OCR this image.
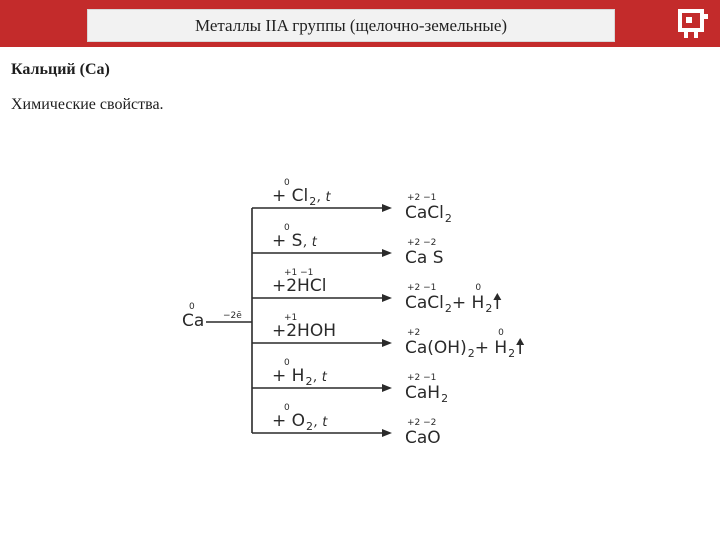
Металлы IIA группы (щелочно-земельные)
Кальций (Ca)
Химические свойства.
0
Ca −2ē
0
+ Cl 2 , t	+2 −1
CaCl 2
0
+ S , t	+2 −2
Ca S
+1 −1
+2HCl	+2 −1
CaCl 2 + H
0
2
+1
+2HOH	+2
Ca(OH) 2 + H
0
2
0
+ H 2 , t	+2 −1
CaH 2
0
+ O 2 , t	+2 −2
CaO
